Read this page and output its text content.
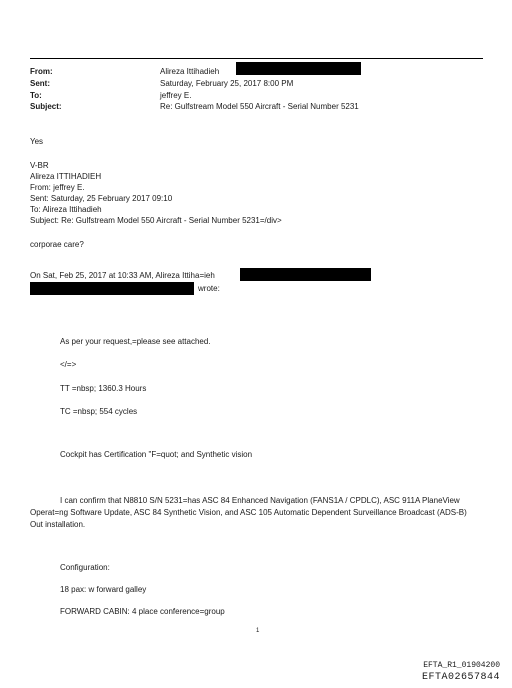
From:
Sent:
To:
Subject:
Alireza Ittihadieh
Saturday, February 25, 2017 8:00 PM
jeffrey E.
Re: Gulfstream Model 550 Aircraft - Serial Number 5231
Yes
V-BR
Alireza ITTIHADIEH
From: jeffrey E.
Sent: Saturday, 25 February 2017 09:10
To: Alireza Ittihadieh
Subject: Re: Gulfstream Model 550 Aircraft - Serial Number 5231=/div>
corporae care?
On Sat, Feb 25, 2017 at 10:33 AM, Alireza Ittiha=ieh
wrote:
As per your request,=please see attached.
</=>
TT =nbsp; 1360.3 Hours
TC =nbsp; 554 cycles
Cockpit has Certification "F=quot; and Synthetic vision
I can confirm that N8810 S/N 5231=has ASC 84 Enhanced Navigation (FANS1A / CPDLC), ASC 911A PlaneView
Operat=ng Software Update, ASC 84 Synthetic Vision, and ASC 105 Automatic Dependent Surveillance Broadcast (ADS-B)
Out installation.
Configuration:
18 pax: w forward galley
FORWARD CABIN: 4 place conference=group
1
EFTA_R1_01904200
EFTA02657844
